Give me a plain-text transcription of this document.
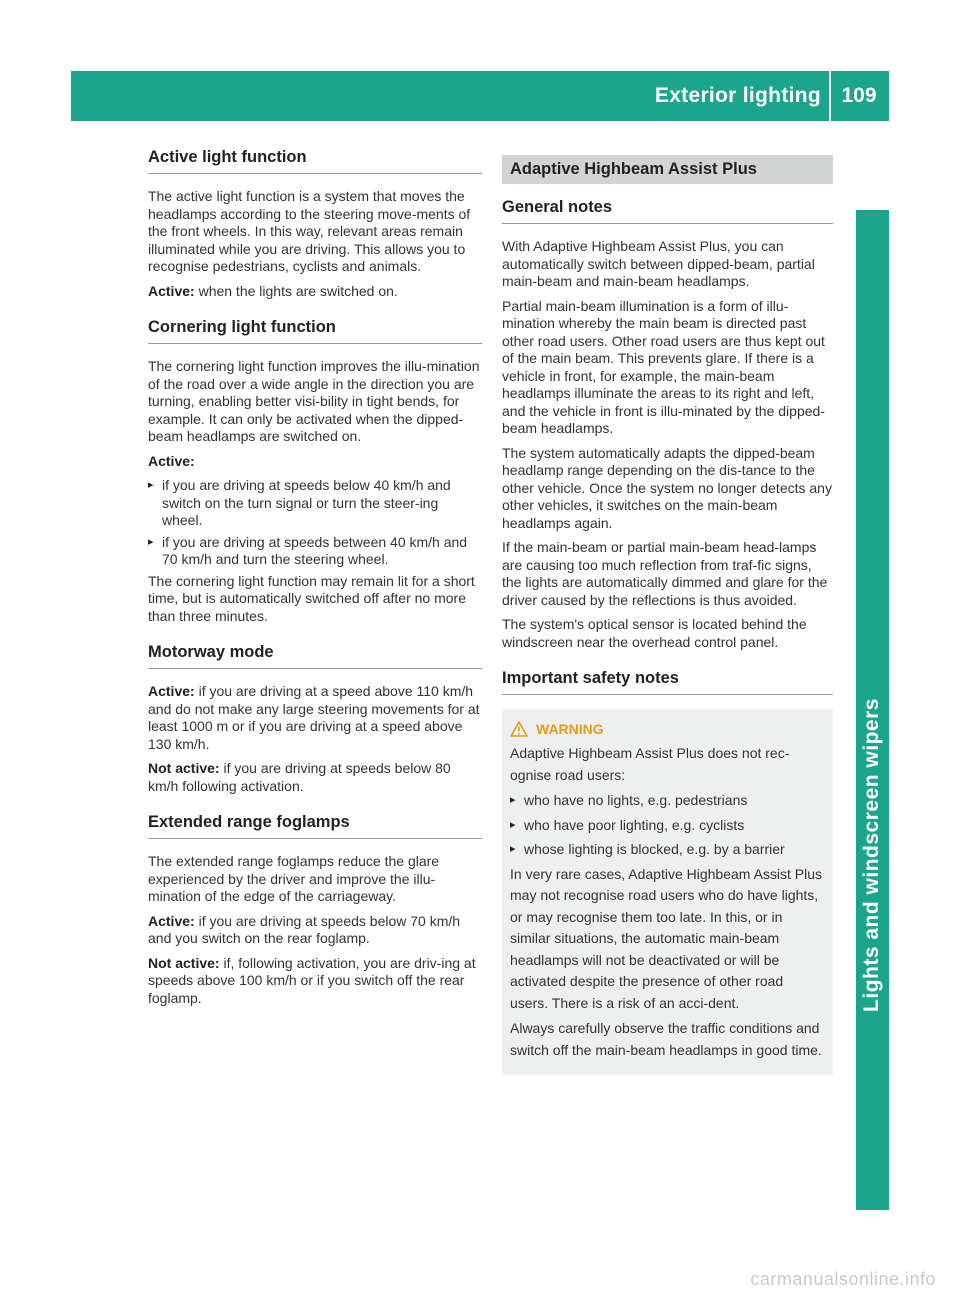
Exterior lighting 109
Lights and windscreen wipers
Active light function

The active light function is a system that moves the headlamps according to the steering move-ments of the front wheels. In this way, relevant areas remain illuminated while you are driving. This allows you to recognise pedestrians, cyclists and animals.

Active: when the lights are switched on.

Cornering light function

The cornering light function improves the illu-mination of the road over a wide angle in the direction you are turning, enabling better visi-bility in tight bends, for example. It can only be activated when the dipped-beam headlamps are switched on.

Active:

▸ if you are driving at speeds below 40 km/h and switch on the turn signal or turn the steer-ing wheel.
▸ if you are driving at speeds between 40 km/h and 70 km/h and turn the steering wheel.

The cornering light function may remain lit for a short time, but is automatically switched off after no more than three minutes.

Motorway mode

Active: if you are driving at a speed above 110 km/h and do not make any large steering movements for at least 1000 m or if you are driving at a speed above 130 km/h.

Not active: if you are driving at speeds below 80 km/h following activation.

Extended range foglamps

The extended range foglamps reduce the glare experienced by the driver and improve the illu-mination of the edge of the carriageway.

Active: if you are driving at speeds below 70 km/h and you switch on the rear foglamp.

Not active: if, following activation, you are driv-ing at speeds above 100 km/h or if you switch off the rear foglamp.

Adaptive Highbeam Assist Plus
General notes

With Adaptive Highbeam Assist Plus, you can automatically switch between dipped-beam, partial main-beam and main-beam headlamps.

Partial main-beam illumination is a form of illu-mination whereby the main beam is directed past other road users. Other road users are thus kept out of the main beam. This prevents glare. If there is a vehicle in front, for example, the main-beam headlamps illuminate the areas to its right and left, and the vehicle in front is illu-minated by the dipped-beam headlamps.

The system automatically adapts the dipped-beam headlamp range depending on the dis-tance to the other vehicle. Once the system no longer detects any other vehicles, it switches on the main-beam headlamps again.

If the main-beam or partial main-beam head-lamps are causing too much reflection from traf-fic signs, the lights are automatically dimmed and glare for the driver caused by the reflections is thus avoided.

The system's optical sensor is located behind the windscreen near the overhead control panel.

Important safety notes
WARNING

Adaptive Highbeam Assist Plus does not rec-ognise road users:

▸ who have no lights, e.g. pedestrians
▸ who have poor lighting, e.g. cyclists
▸ whose lighting is blocked, e.g. by a barrier

In very rare cases, Adaptive Highbeam Assist Plus may not recognise road users who do have lights, or may recognise them too late. In this, or in similar situations, the automatic main-beam headlamps will not be deactivated or will be activated despite the presence of other road users. There is a risk of an acci-dent.

Always carefully observe the traffic conditions and switch off the main-beam headlamps in good time.

carmanualsonline.info
